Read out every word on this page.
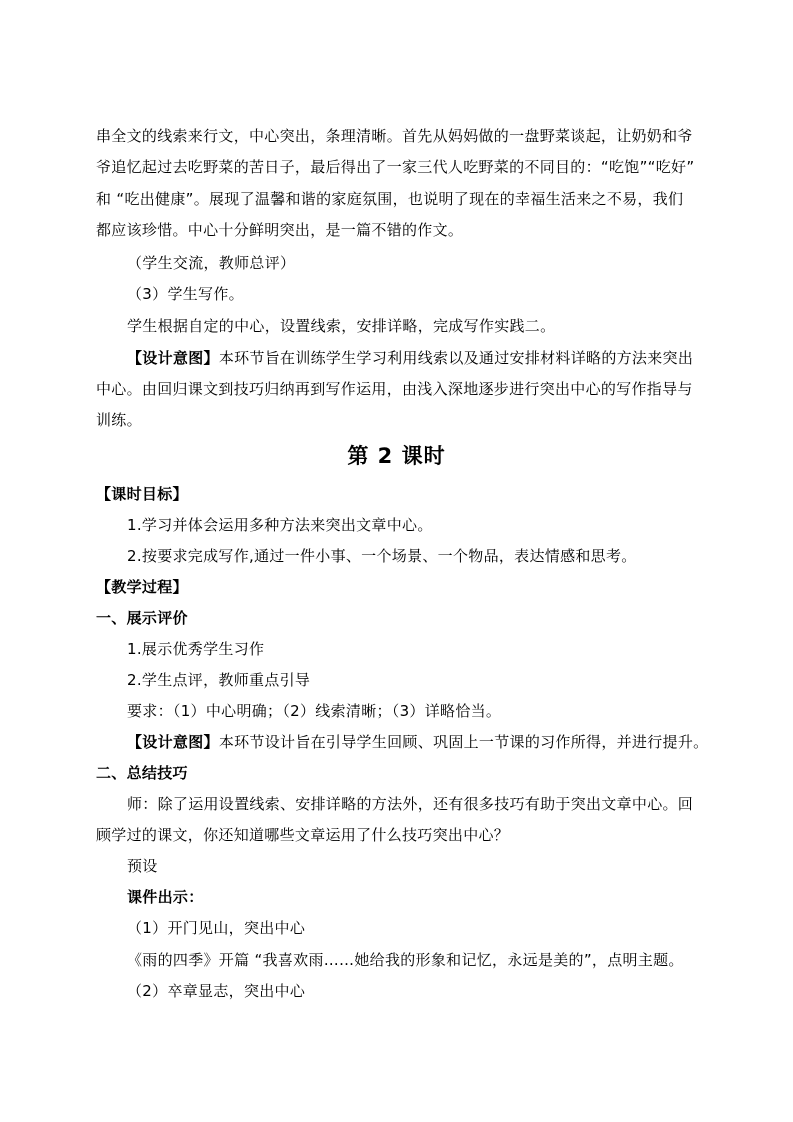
串全文的线索来行文，中心突出，条理清晰。首先从妈妈做的一盘野菜谈起，让奶奶和爷
爷追忆起过去吃野菜的苦日子，最后得出了一家三代人吃野菜的不同目的：“吃饱”“吃好”
和 “吃出健康”。展现了温馨和谐的家庭氛围，也说明了现在的幸福生活来之不易，我们
都应该珍惜。中心十分鲜明突出，是一篇不错的作文。
（学生交流，教师总评）
（3）学生写作。
学生根据自定的中心，设置线索，安排详略，完成写作实践二。
【设计意图】本环节旨在训练学生学习利用线索以及通过安排材料详略的方法来突出
中心。由回归课文到技巧归纳再到写作运用，由浅入深地逐步进行突出中心的写作指导与
训练。
第 2 课时
【课时目标】
1.学习并体会运用多种方法来突出文章中心。
2.按要求完成写作,通过一件小事、一个场景、一个物品，表达情感和思考。
【教学过程】
一、展示评价
1.展示优秀学生习作
2.学生点评，教师重点引导
要求：（1）中心明确；（2）线索清晰；（3）详略恰当。
【设计意图】本环节设计旨在引导学生回顾、巩固上一节课的习作所得，并进行提升。
二、总结技巧
师：除了运用设置线索、安排详略的方法外，还有很多技巧有助于突出文章中心。回
顾学过的课文，你还知道哪些文章运用了什么技巧突出中心？
预设
课件出示：
（1）开门见山，突出中心
《雨的四季》开篇 “我喜欢雨……她给我的形象和记忆，永远是美的”，点明主题。
（2）卒章显志，突出中心
